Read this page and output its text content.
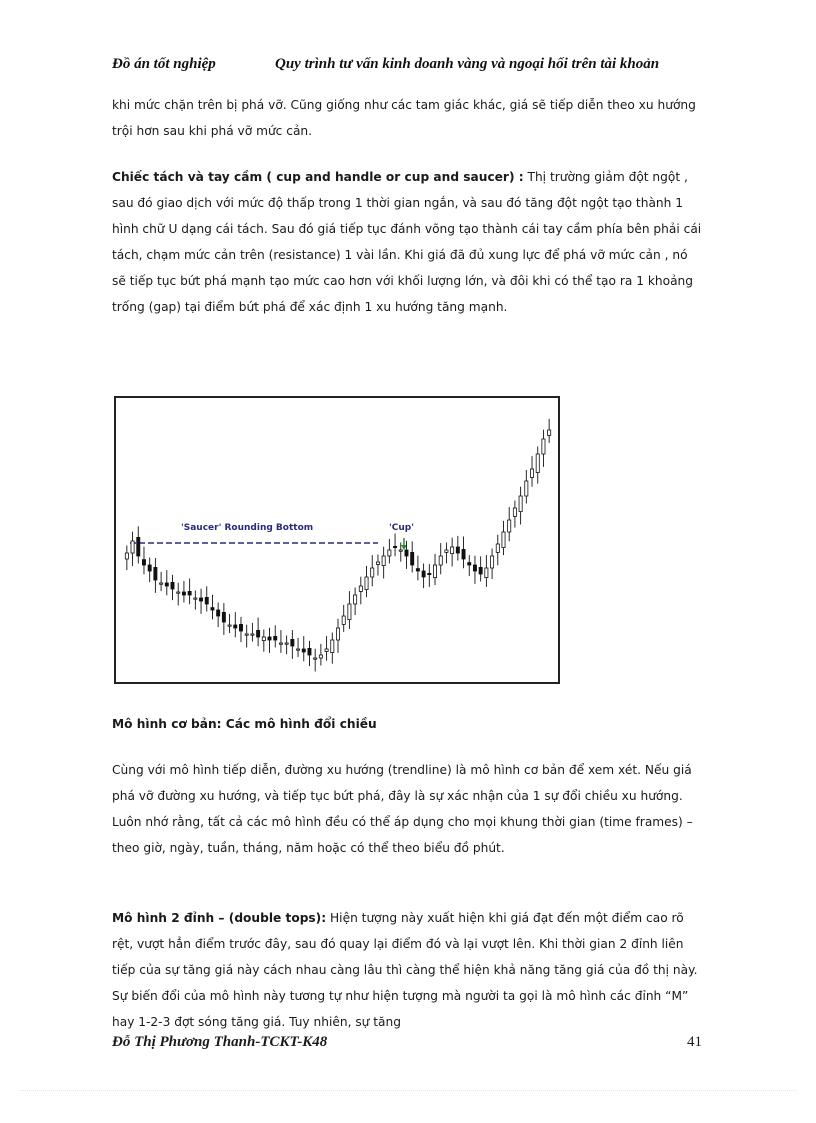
Đồ án tốt nghiệp	Quy trình tư vấn kinh doanh vàng và ngoại hối trên tài khoản

khi mức chặn trên bị phá vỡ. Cũng giống như các tam giác khác, giá sẽ tiếp diễn theo xu hướng trội hơn sau khi phá vỡ mức cản.

Chiếc tách và tay cầm ( cup and handle or cup and saucer) : Thị trường giảm đột ngột , sau đó giao dịch với mức độ thấp trong 1 thời gian ngắn, và sau đó tăng đột ngột tạo thành 1 hình chữ U dạng cái tách. Sau đó giá tiếp tục đánh võng tạo thành cái tay cầm phía bên phải cái tách, chạm mức cản trên (resistance) 1 vài lần. Khi giá đã đủ xung lực để phá vỡ mức cản , nó sẽ tiếp tục bứt phá mạnh tạo mức cao hơn với khối lượng lớn, và đôi khi có thể tạo ra 1 khoảng trống (gap) tại điểm bứt phá để xác định 1 xu hướng tăng mạnh.

'Saucer' Rounding Bottom	'Cup'

Mô hình cơ bản: Các mô hình đổi chiều

Cùng với mô hình tiếp diễn, đường xu hướng (trendline) là mô hình cơ bản để xem xét. Nếu giá phá vỡ đường xu hướng, và tiếp tục bứt phá, đây là sự xác nhận của 1 sự đổi chiều xu hướng. Luôn nhớ rằng, tất cả các mô hình đều có thể áp dụng cho mọi khung thời gian (time frames) – theo giờ, ngày, tuần, tháng, năm hoặc có thể theo biểu đồ phút.

Mô hình 2 đỉnh – (double tops): Hiện tượng này xuất hiện khi giá đạt đến một điểm cao rõ rệt, vượt hẳn điểm trước đây, sau đó quay lại điểm đó và lại vượt lên. Khi thời gian 2 đỉnh liên tiếp của sự tăng giá này cách nhau càng lâu thì càng thể hiện khả năng tăng giá của đồ thị này. Sự biến đổi của mô hình này tương tự như hiện tượng mà người ta gọi là mô hình các đỉnh “M” hay 1-2-3 đợt sóng tăng giá. Tuy nhiên, sự tăng

Đỗ Thị Phương Thanh-TCKT-K48	41
